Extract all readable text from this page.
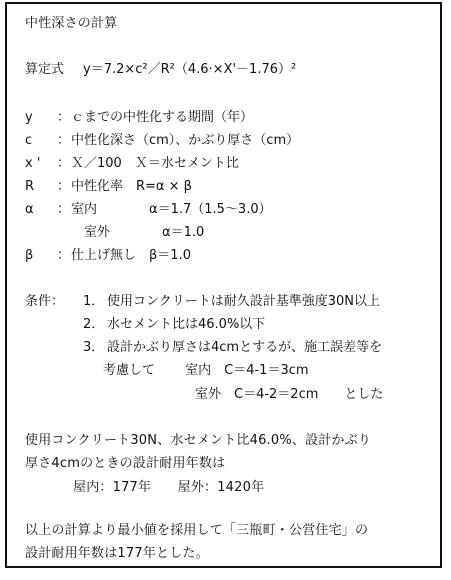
中性深さの計算

算定式 y＝7.2×c²／R²（4.6·×X'－1.76）²
y ： ｃまでの中性化する期間（年）
c ： 中性化深さ（cm）、かぶり厚さ（cm）
x ' ： Ｘ／100　Ｘ＝水セメント比
R ： 中性化率　R=α × β
α ： 室内　　　　α＝1.7（1.5～3.0）
　室外　　　　α＝1.0
β ： 仕上げ無し　β＝1.0
条件： 1． 使用コンクリートは耐久設計基準強度30N以上
2． 水セメント比は46.0%以下
3． 設計かぶり厚さは4cmとするが、施工誤差等を
考慮して　　 室内　C＝4-1＝3cm
室外　C＝4-2＝2cm　　とした

使用コンクリート30N、水セメント比46.0%、設計かぶり

厚さ4cmのときの設計耐用年数は

屋内：177年　　屋外：1420年

以上の計算より最小値を採用して「三瓶町・公営住宅」の

設計耐用年数は177年とした。
